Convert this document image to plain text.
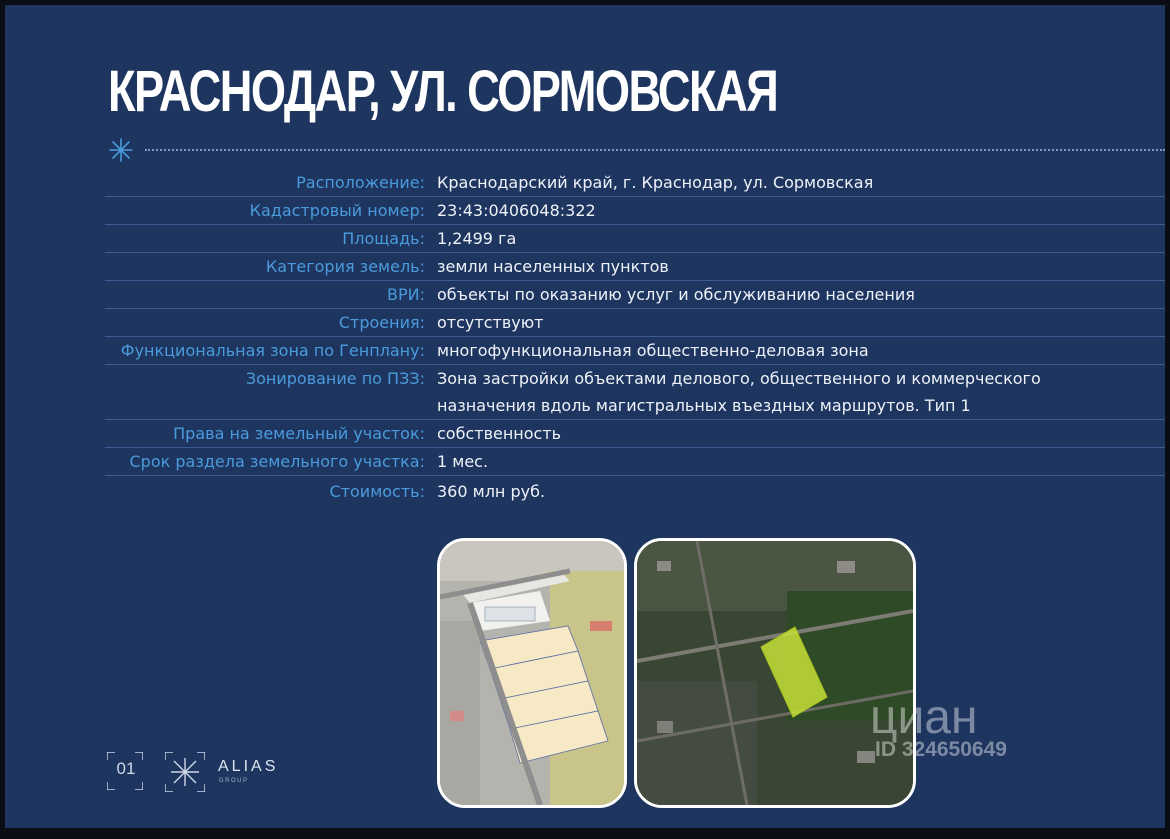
КРАСНОДАР, УЛ. СОРМОВСКАЯ
Расположение: Краснодарский край, г. Краснодар, ул. Сормовская
Кадастровый номер: 23:43:0406048:322
Площадь: 1,2499 га
Категория земель: земли населенных пунктов
ВРИ: объекты по оказанию услуг и обслуживанию населения
Строения: отсутствуют
Функциональная зона по Генплану: многофункциональная общественно-деловая зона
Зонирование по ПЗЗ: Зона застройки объектами делового, общественного и коммерческого
назначения вдоль магистральных въездных маршрутов. Тип 1
Права на земельный участок: собственность
Срок раздела земельного участка: 1 мес.
Стоимость: 360 млн руб.
циан
ID 324650649
01	ALIAS
GROUP
